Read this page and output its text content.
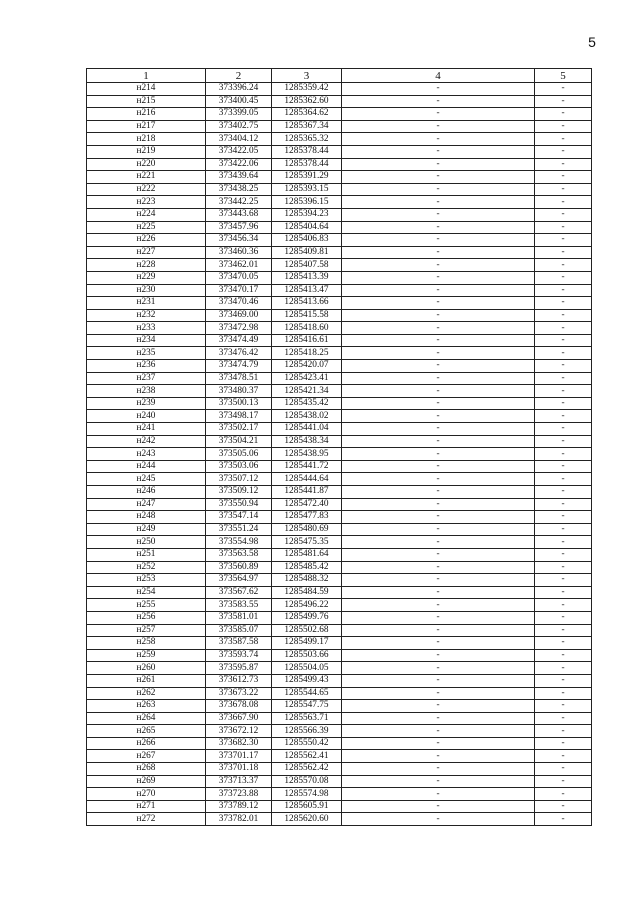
5
1	2	3	4	5
н214	373396.24	1285359.42	-	-
н215	373400.45	1285362.60	-	-
н216	373399.05	1285364.62	-	-
н217	373402.75	1285367.34	-	-
н218	373404.12	1285365.32	-	-
н219	373422.05	1285378.44	-	-
н220	373422.06	1285378.44	-	-
н221	373439.64	1285391.29	-	-
н222	373438.25	1285393.15	-	-
н223	373442.25	1285396.15	-	-
н224	373443.68	1285394.23	-	-
н225	373457.96	1285404.64	-	-
н226	373456.34	1285406.83	-	-
н227	373460.36	1285409.81	-	-
н228	373462.01	1285407.58	-	-
н229	373470.05	1285413.39	-	-
н230	373470.17	1285413.47	-	-
н231	373470.46	1285413.66	-	-
н232	373469.00	1285415.58	-	-
н233	373472.98	1285418.60	-	-
н234	373474.49	1285416.61	-	-
н235	373476.42	1285418.25	-	-
н236	373474.79	1285420.07	-	-
н237	373478.51	1285423.41	-	-
н238	373480.37	1285421.34	-	-
н239	373500.13	1285435.42	-	-
н240	373498.17	1285438.02	-	-
н241	373502.17	1285441.04	-	-
н242	373504.21	1285438.34	-	-
н243	373505.06	1285438.95	-	-
н244	373503.06	1285441.72	-	-
н245	373507.12	1285444.64	-	-
н246	373509.12	1285441.87	-	-
н247	373550.94	1285472.40	-	-
н248	373547.14	1285477.83	-	-
н249	373551.24	1285480.69	-	-
н250	373554.98	1285475.35	-	-
н251	373563.58	1285481.64	-	-
н252	373560.89	1285485.42	-	-
н253	373564.97	1285488.32	-	-
н254	373567.62	1285484.59	-	-
н255	373583.55	1285496.22	-	-
н256	373581.01	1285499.76	-	-
н257	373585.07	1285502.68	-	-
н258	373587.58	1285499.17	-	-
н259	373593.74	1285503.66	-	-
н260	373595.87	1285504.05	-	-
н261	373612.73	1285499.43	-	-
н262	373673.22	1285544.65	-	-
н263	373678.08	1285547.75	-	-
н264	373667.90	1285563.71	-	-
н265	373672.12	1285566.39	-	-
н266	373682.30	1285550.42	-	-
н267	373701.17	1285562.41	-	-
н268	373701.18	1285562.42	-	-
н269	373713.37	1285570.08	-	-
н270	373723.88	1285574.98	-	-
н271	373789.12	1285605.91	-	-
н272	373782.01	1285620.60	-	-
